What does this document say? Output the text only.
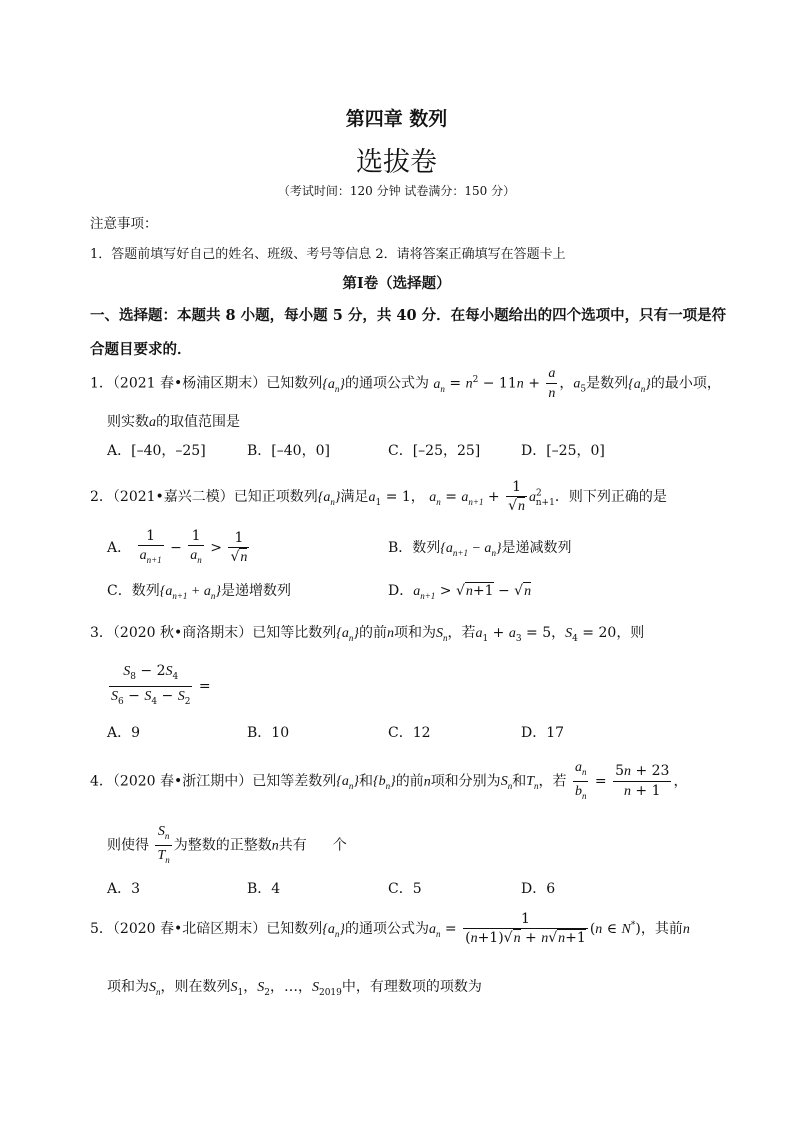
第四章 数列
选拔卷
（考试时间：120 分钟 试卷满分：150 分）
注意事项：
1．答题前填写好自己的姓名、班级、考号等信息 2．请将答案正确填写在答题卡上
第Ⅰ卷（选择题）
一、选择题：本题共 8 小题，每小题 5 分，共 40 分．在每小题给出的四个选项中，只有一项是符
合题目要求的．
1．（2021 春•杨浦区期末）已知数列$\{a_n\}$的通项公式为 $a_n = n^2 - 11n + \frac{a}{n}$ ，$a_5$是数列$\{a_n\}$的最小项，
则实数a的取值范围是
A．[–40，–25]	B．[–40，0]	C．[–25，25]	D．[–25，0]
2．（2021•嘉兴二模）已知正项数列$\{a_n\}$满足$a_1 = 1$， $a_n = a_{n+1} + \frac{1}{√n} a^2_{n+1}$．则下列正确的是
A． $\frac{1}{a_{n+1}} - \frac{1}{a_n} > \frac{1}{√n}$	B．数列$\{a_{n+1} - a_n\}$是递减数列
C．数列$\{a_{n+1} + a_n\}$是递增数列	D．$a_{n+1} > √n+1 - √n$
3．（2020 秋•商洛期末）已知等比数列$\{a_n\}$的前n项和为$S_n$，若$a_1 + a_3 = 5$，$S_4 = 20$，则
$\frac{S_8 - 2S_4}{S_6 - S_4 - S_2}$ =
A．9	B．10	C．12	D．17
4．（2020 春•浙江期中）已知等差数列$\{a_n\}$和$\{b_n\}$的前n项和分别为$S_n$和$T_n$，若 $\frac{a_n}{b_n} = \frac{5n + 23}{n + 1}$ ，
则使得 $\frac{S_n}{T_n}$ 为整数的正整数n共有 个
A．3	B．4	C．5	D．6
5．（2020 春•北碚区期末）已知数列$\{a_n\}$的通项公式为$a_n = \frac{1}{(n+1)√n + n√n+1} (n$ ∈ N*)，其前n
项和为$S_n$，则在数列$S_1$，$S_2$，…，$S_{2019}$中，有理数项的项数为
